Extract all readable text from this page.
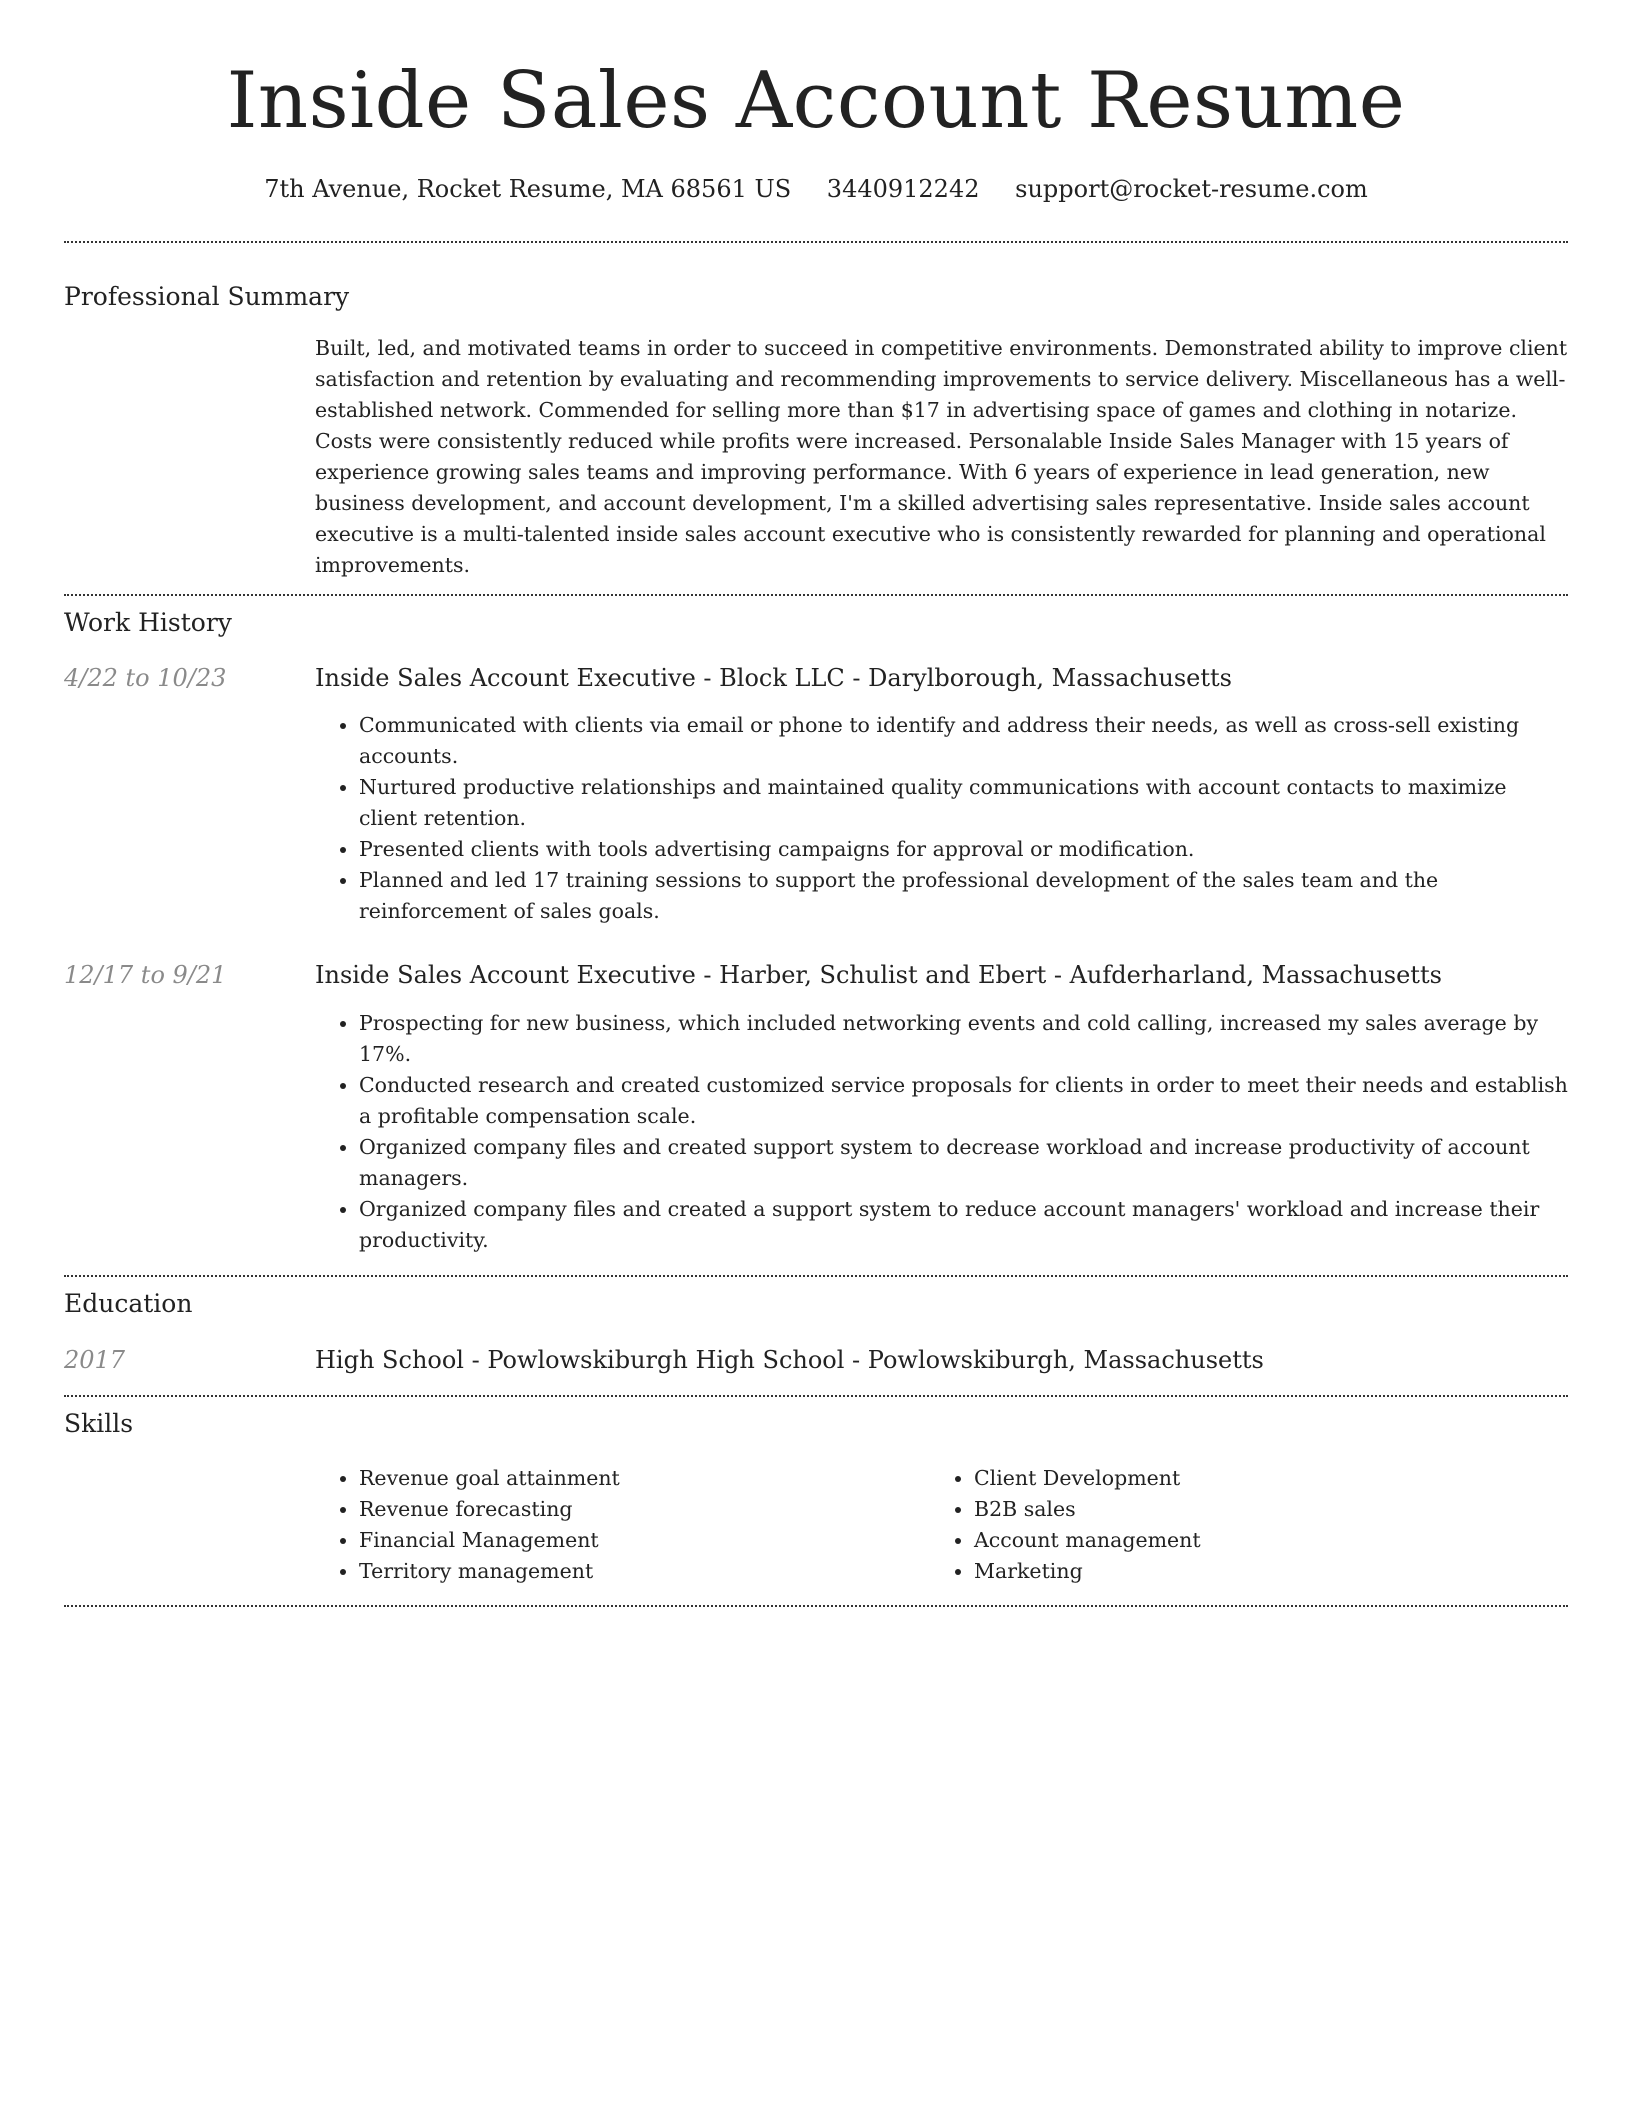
Inside Sales Account Resume
7th Avenue, Rocket Resume, MA 68561 US 3440912242 support@rocket-resume.com
Professional Summary
Built, led, and motivated teams in order to succeed in competitive environments. Demonstrated ability to improve client satisfaction and retention by evaluating and recommending improvements to service delivery. Miscellaneous has a well-established network. Commended for selling more than $17 in advertising space of games and clothing in notarize. Costs were consistently reduced while profits were increased. Personalable Inside Sales Manager with 15 years of experience growing sales teams and improving performance. With 6 years of experience in lead generation, new business development, and account development, I'm a skilled advertising sales representative. Inside sales account executive is a multi-talented inside sales account executive who is consistently rewarded for planning and operational improvements.
Work History
4/22 to 10/23	Inside Sales Account Executive - Block LLC - Darylborough, Massachusetts
• Communicated with clients via email or phone to identify and address their needs, as well as cross-sell existing accounts.
• Nurtured productive relationships and maintained quality communications with account contacts to maximize client retention.
• Presented clients with tools advertising campaigns for approval or modification.
• Planned and led 17 training sessions to support the professional development of the sales team and the reinforcement of sales goals.
12/17 to 9/21	Inside Sales Account Executive - Harber, Schulist and Ebert - Aufderharland, Massachusetts
• Prospecting for new business, which included networking events and cold calling, increased my sales average by 17%.
• Conducted research and created customized service proposals for clients in order to meet their needs and establish a profitable compensation scale.
• Organized company files and created support system to decrease workload and increase productivity of account managers.
• Organized company files and created a support system to reduce account managers' workload and increase their productivity.
Education
2017	High School - Powlowskiburgh High School - Powlowskiburgh, Massachusetts
Skills
• Revenue goal attainment
• Revenue forecasting
• Financial Management
• Territory management
• Client Development
• B2B sales
• Account management
• Marketing
